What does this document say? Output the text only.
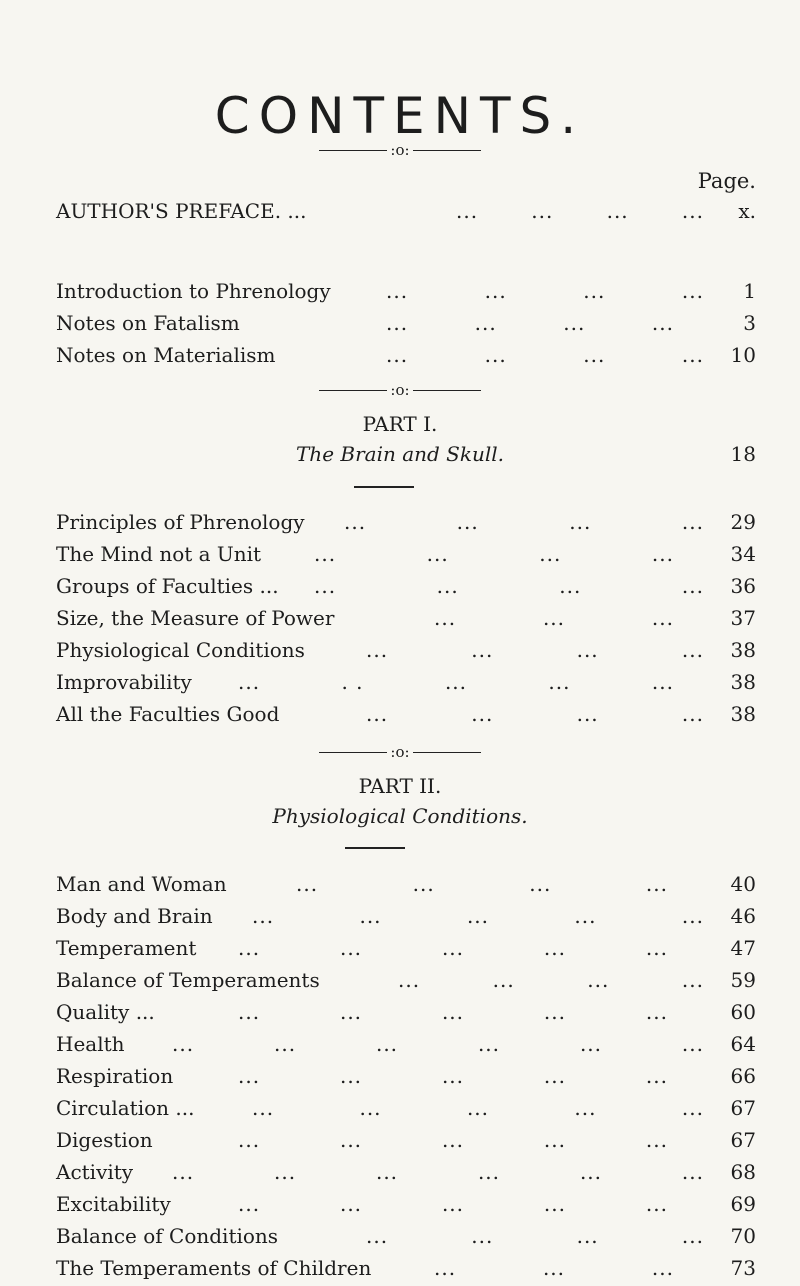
CONTENTS.
:o:
Page.
AUTHOR'S PREFACE. ...	...	...	...	...	x.
Introduction to Phrenology	...	...	...	...	1
Notes on Fatalism	...	...	...	...	3
Notes on Materialism	...	...	...	...	10
:o:
PART I.
The Brain and Skull.	18
Principles of Phrenology ...	...	...	...	29
The Mind not a Unit	...	...	...	...	34
Groups of Faculties ... ...	...	...	...	36
Size, the Measure of Power	...	...	...	37
Physiological Conditions	...	...	...	...	38
Improvability ...	. .	...	...	...	38
All the Faculties Good	...	...	...	...	38
:o:
PART II.
Physiological Conditions.
Man and Woman	...	...	...	...	40
Body and Brain ...	...	...	...	...	46
Temperament ...	...	...	...	...	47
Balance of Temperaments	...	...	...	...	59
Quality ...	...	...	...	...	...	60
Health ...	...	...	...	...	...	64
Respiration	...	...	...	...	...	66
Circulation ...	...	...	...	...	...	67
Digestion	...	...	...	...	...	67
Activity ...	...	...	...	...	...	68
Excitability	...	...	...	...	...	69
Balance of Conditions	...	...	...	...	70
The Temperaments of Children	...	...	...	73
